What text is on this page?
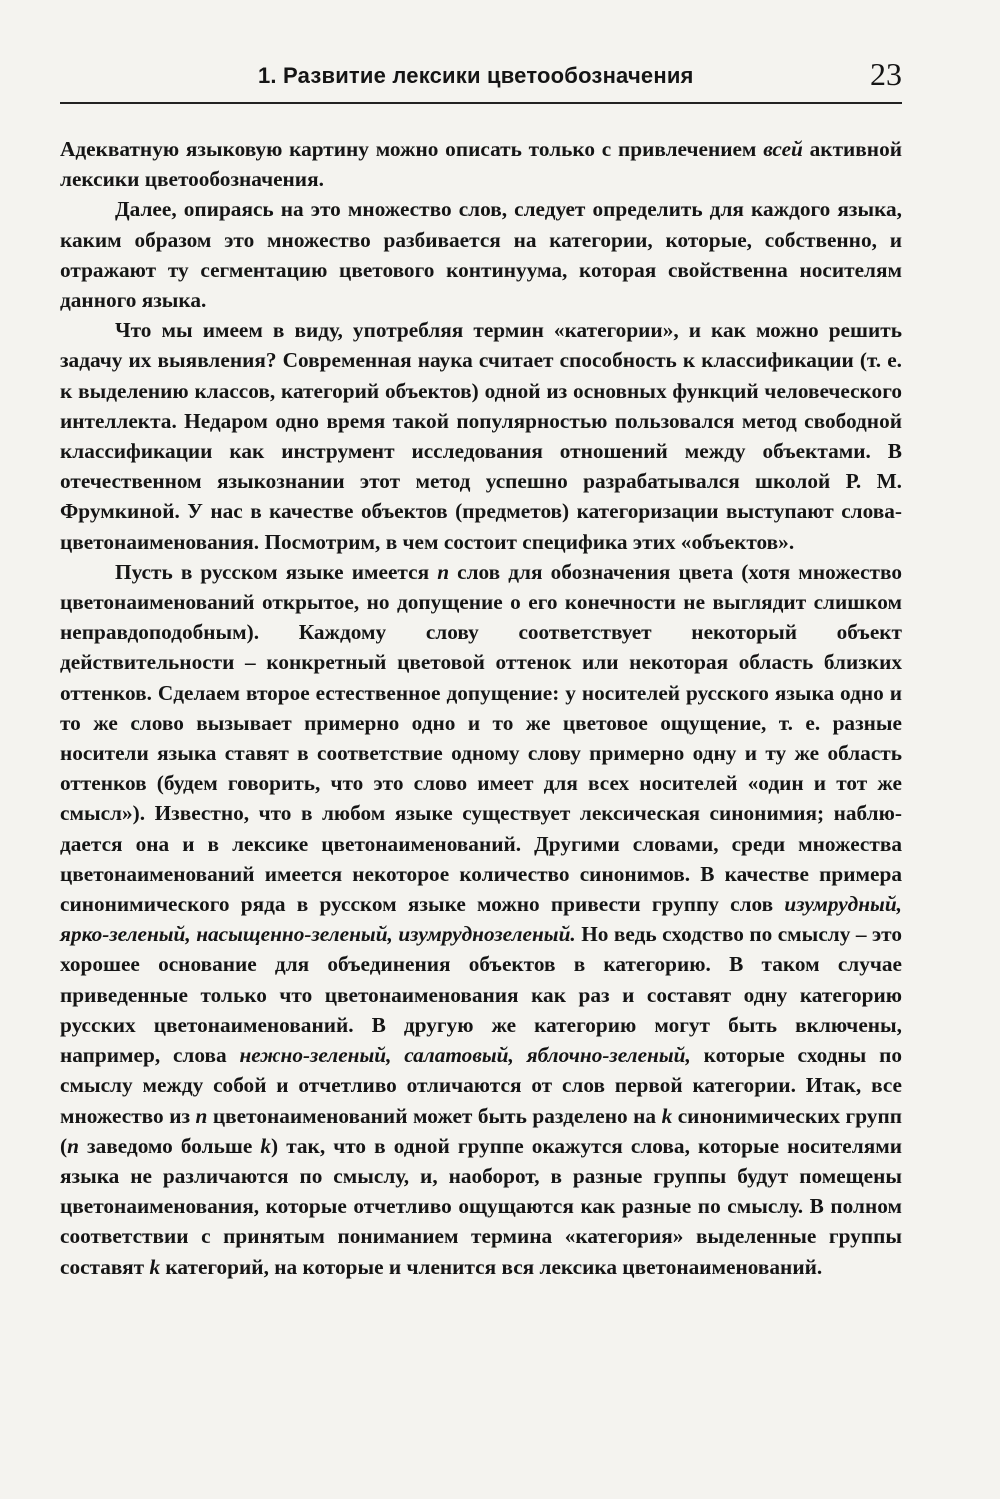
1. Развитие лексики цветообозначения	23

Адекватную языковую картину можно описать только с привлечением всей активной лексики цветообозначения.

Далее, опираясь на это множество слов, следует определить для каждого языка, каким образом это множество разбивается на категории, которые, собственно, и отражают ту сегментацию цветового континуума, которая свойственна носителям данного языка.

Что мы имеем в виду, употребляя термин «категории», и как можно решить задачу их выявления? Современная наука считает способность к классификации (т. е. к выделению классов, категорий объектов) одной из основных функций человеческого интеллекта. Недаром одно время такой популярностью пользовался метод свободной классификации как инструмент исследования отношений между объектами. В отечественном языкознании этот метод успешно разрабатывался школой Р. М. Фрумкиной. У нас в качестве объектов (предметов) категоризации выступают слова-цветонаименования. Посмотрим, в чем состоит специфика этих «объектов».

Пусть в русском языке имеется n слов для обозначения цвета (хотя множество цветонаименований открытое, но допущение о его конечности не выглядит слишком неправдоподобным). Каждому слову соответствует некоторый объект действительности – конкретный цветовой оттенок или некоторая область близких оттенков. Сделаем второе естественное допущение: у носителей русского языка одно и то же слово вызывает примерно одно и то же цветовое ощущение, т. е. разные носители языка ставят в соответствие одному слову примерно одну и ту же область оттенков (будем говорить, что это слово имеет для всех носителей «один и тот же смысл»). Известно, что в любом языке существует лексическая синонимия; наблюдается она и в лексике цветонаименований. Другими словами, среди множества цветонаименований имеется некоторое количество синонимов. В качестве примера синонимического ряда в русском языке можно привести группу слов изумрудный, ярко-зеленый, насыщенно-зеленый, изумруднозеленый. Но ведь сходство по смыслу – это хорошее основание для объединения объектов в категорию. В таком случае приведенные только что цветонаименования как раз и составят одну категорию русских цветонаименований. В другую же категорию могут быть включены, например, слова нежно-зеленый, салатовый, яблочно-зеленый, которые сходны по смыслу между собой и отчетливо отличаются от слов первой категории. Итак, все множество из n цветонаименований может быть разделено на k синонимических групп (n заведомо больше k) так, что в одной группе окажутся слова, которые носителями языка не различаются по смыслу, и, наоборот, в разные группы будут помещены цветонаименования, которые отчетливо ощущаются как разные по смыслу. В полном соответствии с принятым пониманием термина «категория» выделенные группы составят k категорий, на которые и членится вся лексика цветонаименований.
